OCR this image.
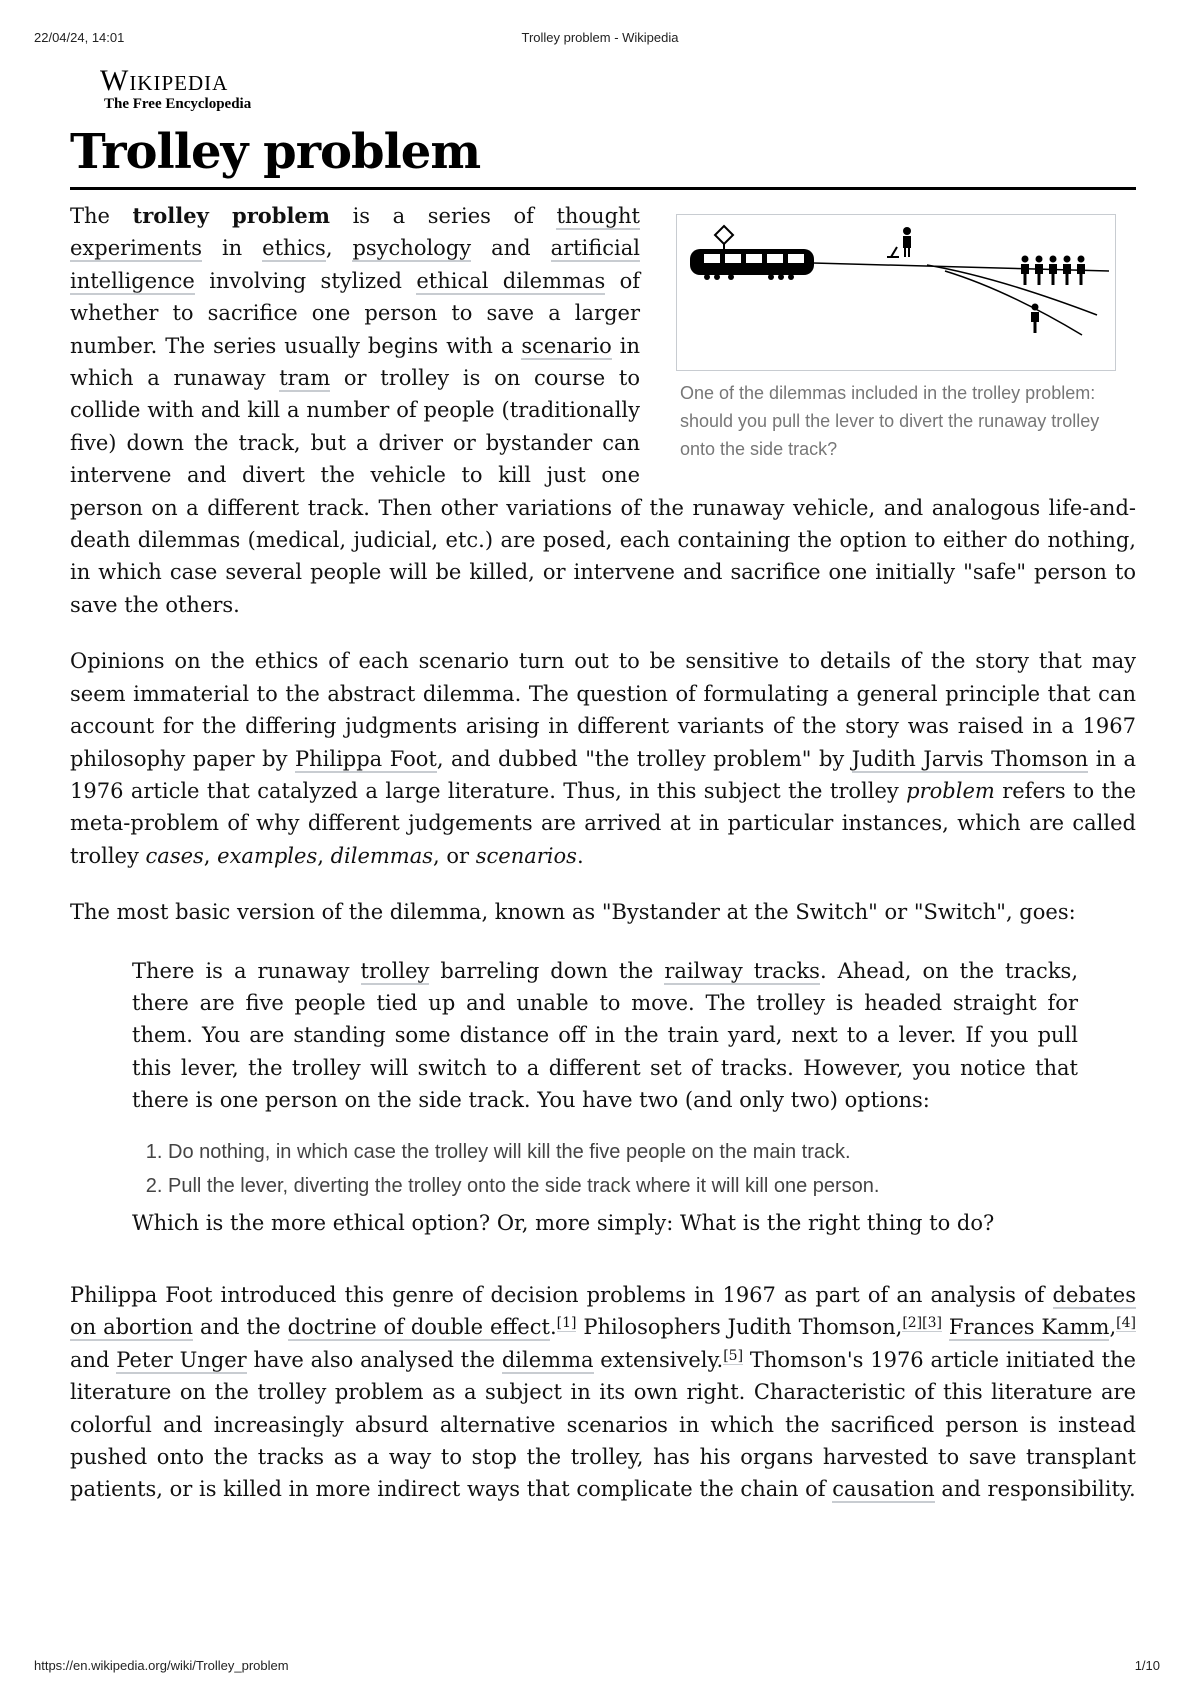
22/04/24, 14:01	Trolley problem - Wikipedia
Wikipedia
The Free Encyclopedia
Trolley problem
One of the dilemmas included in the trolley problem: should you pull the lever to divert the runaway trolley onto the side track?

The trolley problem is a series of thought experiments in ethics, psychology and artificial intelligence involving stylized ethical dilemmas of whether to sacrifice one person to save a larger number. The series usually begins with a scenario in which a runaway tram or trolley is on course to collide with and kill a number of people (traditionally five) down the track, but a driver or bystander can intervene and divert the vehicle to kill just one person on a different track. Then other variations of the runaway vehicle, and analogous life-and-death dilemmas (medical, judicial, etc.) are posed, each containing the option to either do nothing, in which case several people will be killed, or intervene and sacrifice one initially "safe" person to save the others.

Opinions on the ethics of each scenario turn out to be sensitive to details of the story that may seem immaterial to the abstract dilemma. The question of formulating a general principle that can account for the differing judgments arising in different variants of the story was raised in a 1967 philosophy paper by Philippa Foot, and dubbed "the trolley problem" by Judith Jarvis Thomson in a 1976 article that catalyzed a large literature. Thus, in this subject the trolley problem refers to the meta-problem of why different judgements are arrived at in particular instances, which are called trolley cases, examples, dilemmas, or scenarios.

The most basic version of the dilemma, known as "Bystander at the Switch" or "Switch", goes:

There is a runaway trolley barreling down the railway tracks. Ahead, on the tracks, there are five people tied up and unable to move. The trolley is headed straight for them. You are standing some distance off in the train yard, next to a lever. If you pull this lever, the trolley will switch to a different set of tracks. However, you notice that there is one person on the side track. You have two (and only two) options:

1. Do nothing, in which case the trolley will kill the five people on the main track.
2. Pull the lever, diverting the trolley onto the side track where it will kill one person.

Which is the more ethical option? Or, more simply: What is the right thing to do?

Philippa Foot introduced this genre of decision problems in 1967 as part of an analysis of debates on abortion and the doctrine of double effect.[1] Philosophers Judith Thomson,[2][3] Frances Kamm,[4] and Peter Unger have also analysed the dilemma extensively.[5] Thomson's 1976 article initiated the literature on the trolley problem as a subject in its own right. Characteristic of this literature are colorful and increasingly absurd alternative scenarios in which the sacrificed person is instead pushed onto the tracks as a way to stop the trolley, has his organs harvested to save transplant patients, or is killed in more indirect ways that complicate the chain of causation and responsibility.

https://en.wikipedia.org/wiki/Trolley_problem	1/10
